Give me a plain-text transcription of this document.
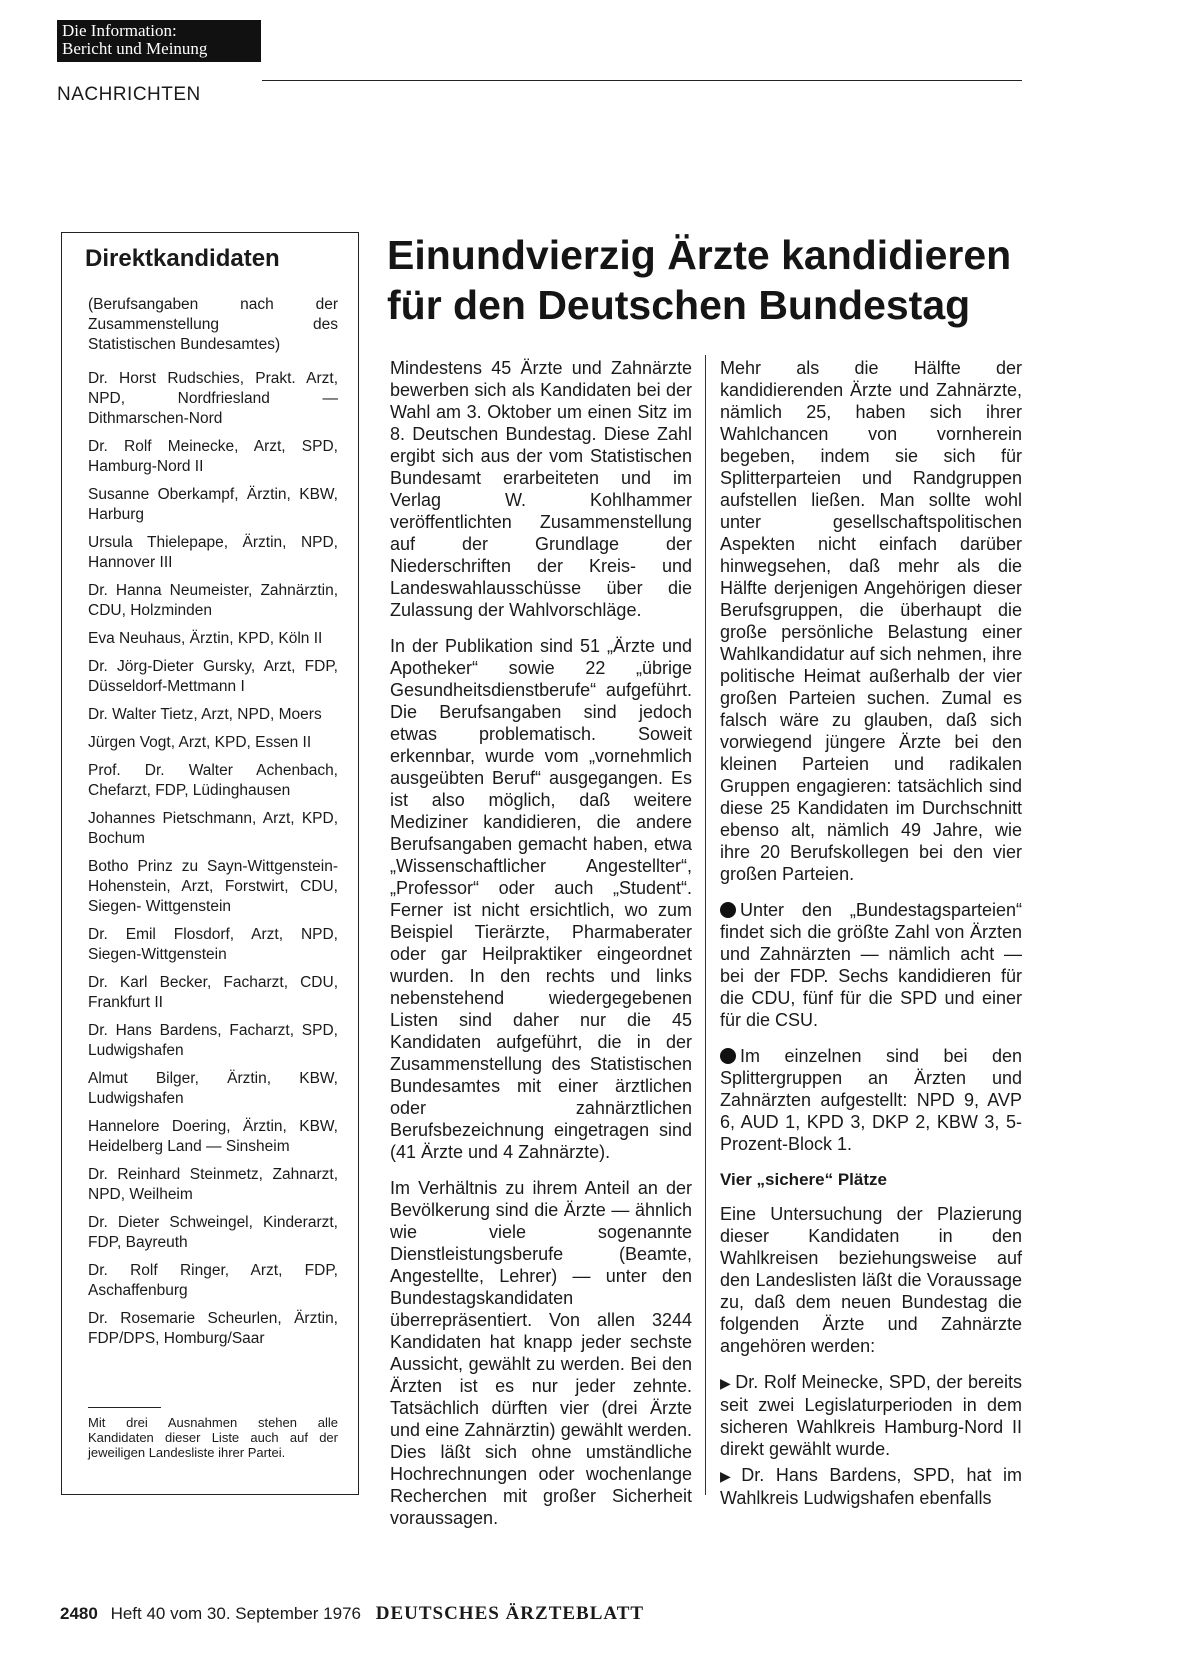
Die Information:
Bericht und Meinung
NACHRICHTEN
Direktkandidaten
(Berufsangaben nach der Zusammenstellung des Statistischen Bundesamtes)
Dr. Horst Rudschies, Prakt. Arzt, NPD, Nordfriesland — Dithmarschen-Nord
Dr. Rolf Meinecke, Arzt, SPD, Hamburg-Nord II
Susanne Oberkampf, Ärztin, KBW, Harburg
Ursula Thielepape, Ärztin, NPD, Hannover III
Dr. Hanna Neumeister, Zahnärztin, CDU, Holzminden
Eva Neuhaus, Ärztin, KPD, Köln II
Dr. Jörg-Dieter Gursky, Arzt, FDP, Düsseldorf-Mettmann I
Dr. Walter Tietz, Arzt, NPD, Moers
Jürgen Vogt, Arzt, KPD, Essen II
Prof. Dr. Walter Achenbach, Chefarzt, FDP, Lüdinghausen
Johannes Pietschmann, Arzt, KPD, Bochum
Botho Prinz zu Sayn-Wittgenstein-Hohenstein, Arzt, Forstwirt, CDU, Siegen- Wittgenstein
Dr. Emil Flosdorf, Arzt, NPD, Siegen-Wittgenstein
Dr. Karl Becker, Facharzt, CDU, Frankfurt II
Dr. Hans Bardens, Facharzt, SPD, Ludwigshafen
Almut Bilger, Ärztin, KBW, Ludwigshafen
Hannelore Doering, Ärztin, KBW, Heidelberg Land — Sinsheim
Dr. Reinhard Steinmetz, Zahnarzt, NPD, Weilheim
Dr. Dieter Schweingel, Kinderarzt, FDP, Bayreuth
Dr. Rolf Ringer, Arzt, FDP, Aschaffenburg
Dr. Rosemarie Scheurlen, Ärztin, FDP/DPS, Homburg/Saar
Mit drei Ausnahmen stehen alle Kandidaten dieser Liste auch auf der jeweiligen Landesliste ihrer Partei.
Einundvierzig Ärzte kandidieren
für den Deutschen Bundestag

Mindestens 45 Ärzte und Zahnärzte bewerben sich als Kandidaten bei der Wahl am 3. Oktober um einen Sitz im 8. Deutschen Bundestag. Diese Zahl ergibt sich aus der vom Statistischen Bundesamt erarbeiteten und im Verlag W. Kohlhammer veröffentlichten Zusammenstellung auf der Grundlage der Niederschriften der Kreis- und Landeswahlausschüsse über die Zulassung der Wahlvorschläge.

In der Publikation sind 51 „Ärzte und Apotheker“ sowie 22 „übrige Gesundheitsdienstberufe“ aufgeführt. Die Berufsangaben sind jedoch etwas problematisch. Soweit erkennbar, wurde vom „vornehmlich ausgeübten Beruf“ ausgegangen. Es ist also möglich, daß weitere Mediziner kandidieren, die andere Berufsangaben gemacht haben, etwa „Wissenschaftlicher Angestellter“, „Professor“ oder auch „Student“. Ferner ist nicht ersichtlich, wo zum Beispiel Tierärzte, Pharmaberater oder gar Heilpraktiker eingeordnet wurden. In den rechts und links nebenstehend wiedergegebenen Listen sind daher nur die 45 Kandidaten aufgeführt, die in der Zusammenstellung des Statistischen Bundesamtes mit einer ärztlichen oder zahnärztlichen Berufsbezeichnung eingetragen sind (41 Ärzte und 4 Zahnärzte).

Im Verhältnis zu ihrem Anteil an der Bevölkerung sind die Ärzte — ähnlich wie viele sogenannte Dienstleistungsberufe (Beamte, Angestellte, Lehrer) — unter den Bundestagskandidaten überrepräsentiert. Von allen 3244 Kandidaten hat knapp jeder sechste Aussicht, gewählt zu werden. Bei den Ärzten ist es nur jeder zehnte. Tatsächlich dürften vier (drei Ärzte und eine Zahnärztin) gewählt werden. Dies läßt sich ohne umständliche Hochrechnungen oder wochenlange Recherchen mit großer Sicherheit voraussagen.

Mehr als die Hälfte der kandidierenden Ärzte und Zahnärzte, nämlich 25, haben sich ihrer Wahlchancen von vornherein begeben, indem sie sich für Splitterparteien und Randgruppen aufstellen ließen. Man sollte wohl unter gesellschaftspolitischen Aspekten nicht einfach darüber hinwegsehen, daß mehr als die Hälfte derjenigen Angehörigen dieser Berufsgruppen, die überhaupt die große persönliche Belastung einer Wahlkandidatur auf sich nehmen, ihre politische Heimat außerhalb der vier großen Parteien suchen. Zumal es falsch wäre zu glauben, daß sich vorwiegend jüngere Ärzte bei den kleinen Parteien und radikalen Gruppen engagieren: tatsächlich sind diese 25 Kandidaten im Durchschnitt ebenso alt, nämlich 49 Jahre, wie ihre 20 Berufskollegen bei den vier großen Parteien.

Unter den „Bundestagsparteien“ findet sich die größte Zahl von Ärzten und Zahnärzten — nämlich acht — bei der FDP. Sechs kandidieren für die CDU, fünf für die SPD und einer für die CSU.

Im einzelnen sind bei den Splittergruppen an Ärzten und Zahnärzten aufgestellt: NPD 9, AVP 6, AUD 1, KPD 3, DKP 2, KBW 3, 5-Prozent-Block 1.

Vier „sichere“ Plätze

Eine Untersuchung der Plazierung dieser Kandidaten in den Wahlkreisen beziehungsweise auf den Landeslisten läßt die Voraussage zu, daß dem neuen Bundestag die folgenden Ärzte und Zahnärzte angehören werden:

▶ Dr. Rolf Meinecke, SPD, der bereits seit zwei Legislaturperioden in dem sicheren Wahlkreis Hamburg-Nord II direkt gewählt wurde.

▶ Dr. Hans Bardens, SPD, hat im Wahlkreis Ludwigshafen ebenfalls

2480 Heft 40 vom 30. September 1976 DEUTSCHES ÄRZTEBLATT
